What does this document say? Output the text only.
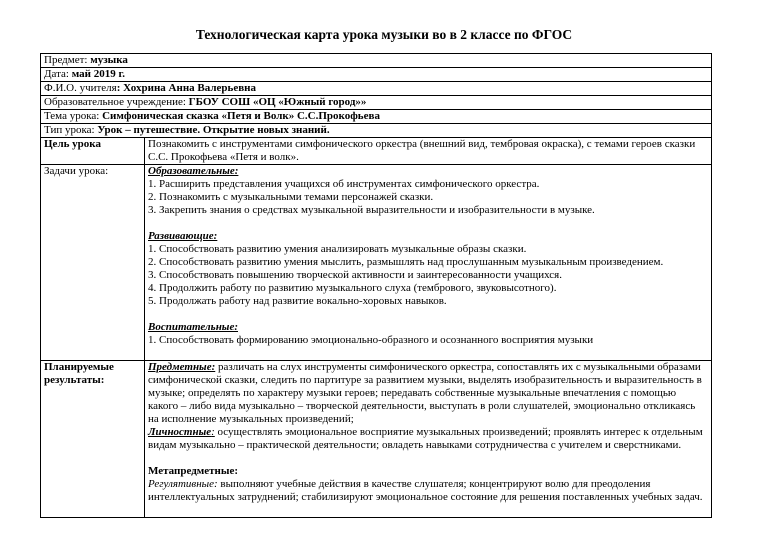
Технологическая карта урока музыки во в 2 классе по ФГОС
Предмет: музыка
Дата: май 2019 г.
Ф.И.О. учителя: Хохрина Анна Валерьевна
Образовательное учреждение: ГБОУ СОШ «ОЦ «Южный город»»
Тема урока: Симфоническая сказка «Петя и Волк» С.С.Прокофьева
Тип урока: Урок – путешествие. Открытие новых знаний.
Цель урока	Познакомить с инструментами симфонического оркестра (внешний вид, тембровая окраска), с темами героев сказки
С.С. Прокофьева «Петя и волк».
Задачи урока:	Образовательные:
1. Расширить представления учащихся об инструментах симфонического оркестра.
2. Познакомить с музыкальными темами персонажей сказки.
3. Закрепить знания о средствах музыкальной выразительности и изобразительности в музыке.
Развивающие:
1. Способствовать развитию умения анализировать музыкальные образы сказки.
2. Способствовать развитию умения мыслить, размышлять над прослушанным музыкальным произведением.
3. Способствовать повышению творческой активности и заинтересованности учащихся.
4. Продолжить работу по развитию музыкального слуха (тембрового, звуковысотного).
5. Продолжать работу над развитие вокально-хоровых навыков.
Воспитательные:
1. Способствовать формированию эмоционально-образного и осознанного восприятия музыки
Планируемые
результаты:
Предметные: различать на слух инструменты симфонического оркестра, сопоставлять их с музыкальными образами
симфонической сказки, следить по партитуре за развитием музыки, выделять изобразительность и выразительность в
музыке; определять по характеру музыки героев; передавать собственные музыкальные впечатления с помощью
какого – либо вида музыкально – творческой деятельности, выступать в роли слушателей, эмоционально откликаясь
на исполнение музыкальных произведений;
Личностные: осуществлять эмоциональное восприятие музыкальных произведений; проявлять интерес к отдельным
видам музыкально – практической деятельности; овладеть навыками сотрудничества с учителем и сверстниками.
Метапредметные:
Регулятивные: выполняют учебные действия в качестве слушателя; концентрируют волю для преодоления
интеллектуальных затруднений; стабилизируют эмоциональное состояние для решения поставленных учебных задач.
